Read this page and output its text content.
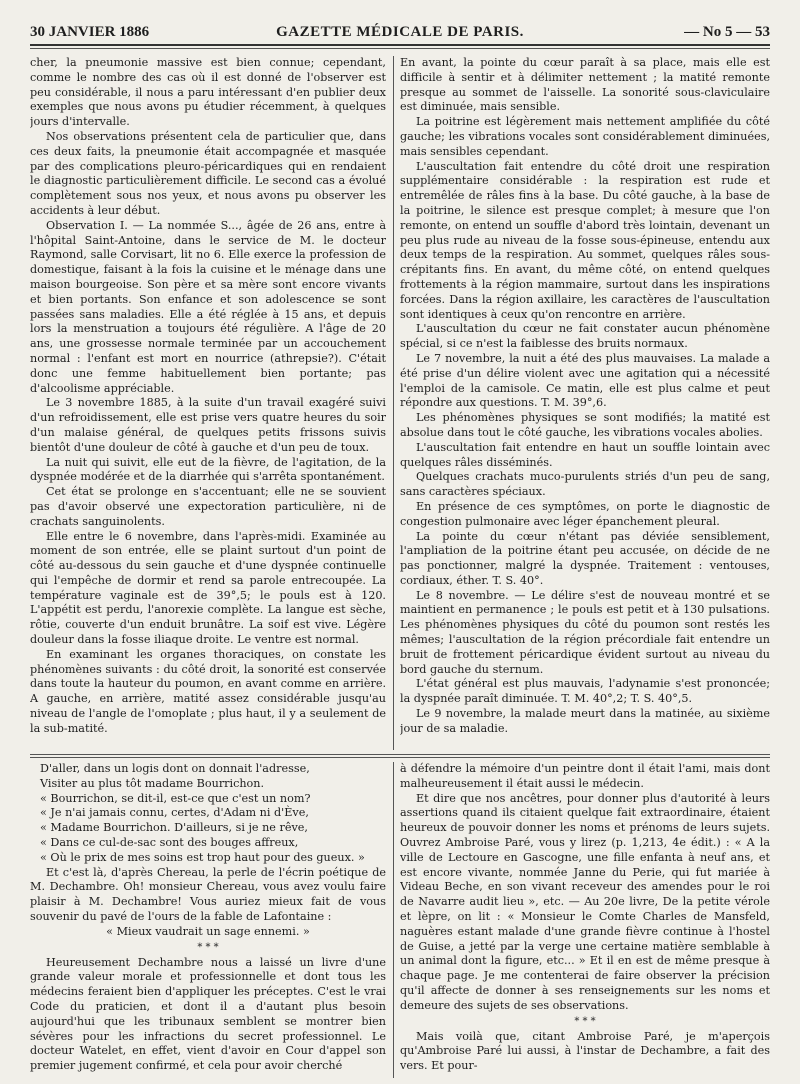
30 JANVIER 1886	GAZETTE MÉDICALE DE PARIS.	— No 5 — 53

cher, la pneumonie massive est bien connue; cependant, comme le nombre des cas où il est donné de l'observer est peu considérable, il nous a paru intéressant d'en publier deux exemples que nous avons pu étudier récemment, à quelques jours d'intervalle.

Nos observations présentent cela de particulier que, dans ces deux faits, la pneumonie était accompagnée et masquée par des complications pleuro-péricardiques qui en rendaient le diagnostic particulièrement difficile. Le second cas a évolué complètement sous nos yeux, et nous avons pu observer les accidents à leur début.

Observation I. — La nommée S..., âgée de 26 ans, entre à l'hôpital Saint-Antoine, dans le service de M. le docteur Raymond, salle Corvisart, lit no 6. Elle exerce la profession de domestique, faisant à la fois la cuisine et le ménage dans une maison bourgeoise. Son père et sa mère sont encore vivants et bien portants. Son enfance et son adolescence se sont passées sans maladies. Elle a été réglée à 15 ans, et depuis lors la menstruation a toujours été régulière. A l'âge de 20 ans, une grossesse normale terminée par un accouchement normal : l'enfant est mort en nourrice (athrepsie?). C'était donc une femme habituellement bien portante; pas d'alcoolisme appréciable.

Le 3 novembre 1885, à la suite d'un travail exagéré suivi d'un refroidissement, elle est prise vers quatre heures du soir d'un malaise général, de quelques petits frissons suivis bientôt d'une douleur de côté à gauche et d'un peu de toux.

La nuit qui suivit, elle eut de la fièvre, de l'agitation, de la dyspnée modérée et de la diarrhée qui s'arrêta spontanément.

Cet état se prolonge en s'accentuant; elle ne se souvient pas d'avoir observé une expectoration particulière, ni de crachats sanguinolents.

Elle entre le 6 novembre, dans l'après-midi. Examinée au moment de son entrée, elle se plaint surtout d'un point de côté au-dessous du sein gauche et d'une dyspnée continuelle qui l'empêche de dormir et rend sa parole entrecoupée. La température vaginale est de 39°,5; le pouls est à 120. L'appétit est perdu, l'anorexie complète. La langue est sèche, rôtie, couverte d'un enduit brunâtre. La soif est vive. Légère douleur dans la fosse iliaque droite. Le ventre est normal.

En examinant les organes thoraciques, on constate les phénomènes suivants : du côté droit, la sonorité est conservée dans toute la hauteur du poumon, en avant comme en arrière. A gauche, en arrière, matité assez considérable jusqu'au niveau de l'angle de l'omoplate ; plus haut, il y a seulement de la sub-matité.

En avant, la pointe du cœur paraît à sa place, mais elle est difficile à sentir et à délimiter nettement ; la matité remonte presque au sommet de l'aisselle. La sonorité sous-claviculaire est diminuée, mais sensible.

La poitrine est légèrement mais nettement amplifiée du côté gauche; les vibrations vocales sont considérablement diminuées, mais sensibles cependant.

L'auscultation fait entendre du côté droit une respiration supplémentaire considérable : la respiration est rude et entremêlée de râles fins à la base. Du côté gauche, à la base de la poitrine, le silence est presque complet; à mesure que l'on remonte, on entend un souffle d'abord très lointain, devenant un peu plus rude au niveau de la fosse sous-épineuse, entendu aux deux temps de la respiration. Au sommet, quelques râles sous-crépitants fins. En avant, du même côté, on entend quelques frottements à la région mammaire, surtout dans les inspirations forcées. Dans la région axillaire, les caractères de l'auscultation sont identiques à ceux qu'on rencontre en arrière.

L'auscultation du cœur ne fait constater aucun phénomène spécial, si ce n'est la faiblesse des bruits normaux.

Le 7 novembre, la nuit a été des plus mauvaises. La malade a été prise d'un délire violent avec une agitation qui a nécessité l'emploi de la camisole. Ce matin, elle est plus calme et peut répondre aux questions. T. M. 39°,6.

Les phénomènes physiques se sont modifiés; la matité est absolue dans tout le côté gauche, les vibrations vocales abolies.

L'auscultation fait entendre en haut un souffle lointain avec quelques râles disséminés.

Quelques crachats muco-purulents striés d'un peu de sang, sans caractères spéciaux.

En présence de ces symptômes, on porte le diagnostic de congestion pulmonaire avec léger épanchement pleural.

La pointe du cœur n'étant pas déviée sensiblement, l'ampliation de la poitrine étant peu accusée, on décide de ne pas ponctionner, malgré la dyspnée. Traitement : ventouses, cordiaux, éther. T. S. 40°.

Le 8 novembre. — Le délire s'est de nouveau montré et se maintient en permanence ; le pouls est petit et à 130 pulsations. Les phénomènes physiques du côté du poumon sont restés les mêmes; l'auscultation de la région précordiale fait entendre un bruit de frottement péricardique évident surtout au niveau du bord gauche du sternum.

L'état général est plus mauvais, l'adynamie s'est prononcée; la dyspnée paraît diminuée. T. M. 40°,2; T. S. 40°,5.

Le 9 novembre, la malade meurt dans la matinée, au sixième jour de sa maladie.

D'aller, dans un logis dont on donnait l'adresse,

Visiter au plus tôt madame Bourrichon.

« Bourrichon, se dit-il, est-ce que c'est un nom?

« Je n'ai jamais connu, certes, d'Adam ni d'Ève,

« Madame Bourrichon. D'ailleurs, si je ne rêve,

« Dans ce cul-de-sac sont des bouges affreux,

« Où le prix de mes soins est trop haut pour des gueux. »

Et c'est là, d'après Chereau, la perle de l'écrin poétique de M. Dechambre. Oh! monsieur Chereau, vous avez voulu faire plaisir à M. Dechambre! Vous auriez mieux fait de vous souvenir du pavé de l'ours de la fable de Lafontaine :

« Mieux vaudrait un sage ennemi. »

* * *

Heureusement Dechambre nous a laissé un livre d'une grande valeur morale et professionnelle et dont tous les médecins feraient bien d'appliquer les préceptes. C'est le vrai Code du praticien, et dont il a d'autant plus besoin aujourd'hui que les tribunaux semblent se montrer bien sévères pour les infractions du secret professionnel. Le docteur Watelet, en effet, vient d'avoir en Cour d'appel son premier jugement confirmé, et cela pour avoir cherché

à défendre la mémoire d'un peintre dont il était l'ami, mais dont malheureusement il était aussi le médecin.

Et dire que nos ancêtres, pour donner plus d'autorité à leurs assertions quand ils citaient quelque fait extraordinaire, étaient heureux de pouvoir donner les noms et prénoms de leurs sujets. Ouvrez Ambroise Paré, vous y lirez (p. 1,213, 4e édit.) : « A la ville de Lectoure en Gascogne, une fille enfanta à neuf ans, et est encore vivante, nommée Janne du Perie, qui fut mariée à Videau Beche, en son vivant receveur des amendes pour le roi de Navarre audit lieu », etc. — Au 20e livre, De la petite vérole et lèpre, on lit : « Monsieur le Comte Charles de Mansfeld, naguères estant malade d'une grande fièvre continue à l'hostel de Guise, a jetté par la verge une certaine matière semblable à un animal dont la figure, etc... » Et il en est de même presque à chaque page. Je me contenterai de faire observer la précision qu'il affecte de donner à ses renseignements sur les noms et demeure des sujets de ses observations.

* * *

Mais voilà que, citant Ambroise Paré, je m'aperçois qu'Ambroise Paré lui aussi, à l'instar de Dechambre, a fait des vers. Et pour-
